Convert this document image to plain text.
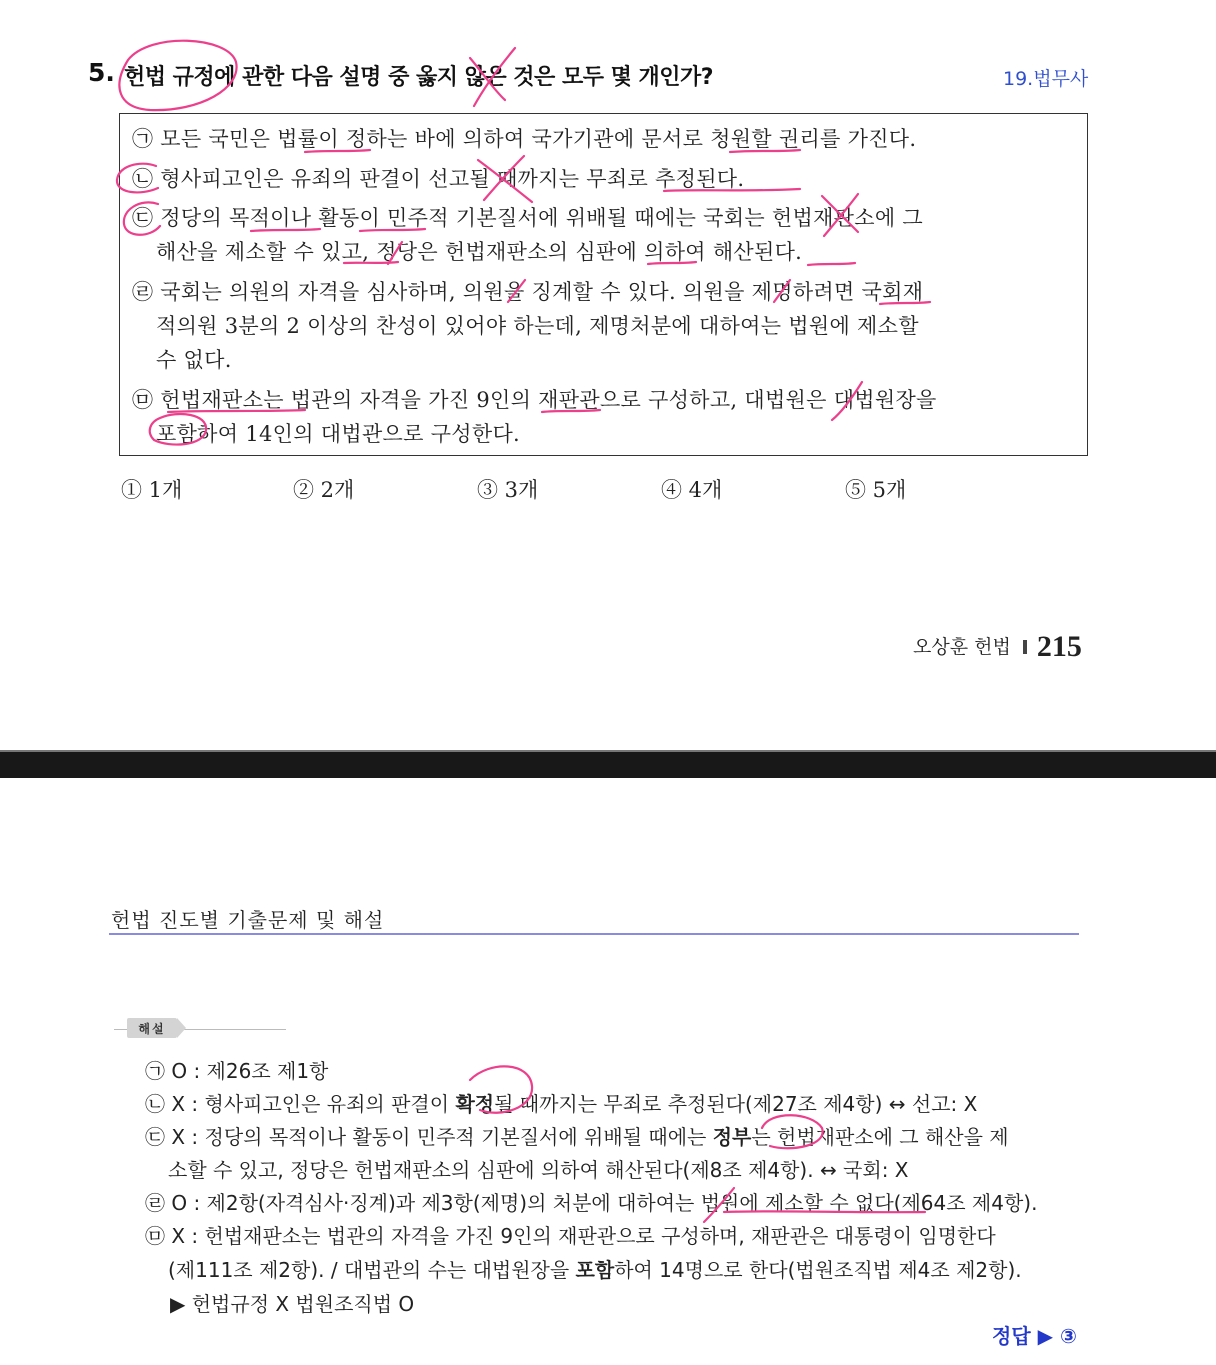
5. 헌법 규정에 관한 다음 설명 중 옳지 않은 것은 모두 몇 개인가?	19.법무사
㉠ 모든 국민은 법률이 정하는 바에 의하여 국가기관에 문서로 청원할 권리를 가진다.
㉡ 형사피고인은 유죄의 판결이 선고될 때까지는 무죄로 추정된다.
㉢ 정당의 목적이나 활동이 민주적 기본질서에 위배될 때에는 국회는 헌법재판소에 그
해산을 제소할 수 있고, 정당은 헌법재판소의 심판에 의하여 해산된다.
㉣ 국회는 의원의 자격을 심사하며, 의원을 징계할 수 있다. 의원을 제명하려면 국회재
적의원 3분의 2 이상의 찬성이 있어야 하는데, 제명처분에 대하여는 법원에 제소할
수 없다.
㉤ 헌법재판소는 법관의 자격을 가진 9인의 재판관으로 구성하고, 대법원은 대법원장을
포함하여 14인의 대법관으로 구성한다.
① 1개	② 2개	③ 3개	④ 4개	⑤ 5개
오상훈 헌법 215
헌법 진도별 기출문제 및 해설
해설
㉠ O : 제26조 제1항
㉡ X : 형사피고인은 유죄의 판결이 확정될 때까지는 무죄로 추정된다(제27조 제4항) ↔ 선고: X
㉢ X : 정당의 목적이나 활동이 민주적 기본질서에 위배될 때에는 정부는 헌법재판소에 그 해산을 제
소할 수 있고, 정당은 헌법재판소의 심판에 의하여 해산된다(제8조 제4항). ↔ 국회: X
㉣ O : 제2항(자격심사·징계)과 제3항(제명)의 처분에 대하여는 법원에 제소할 수 없다(제64조 제4항).
㉤ X : 헌법재판소는 법관의 자격을 가진 9인의 재판관으로 구성하며, 재판관은 대통령이 임명한다
(제111조 제2항). / 대법관의 수는 대법원장을 포함하여 14명으로 한다(법원조직법 제4조 제2항).
▶ 헌법규정 X 법원조직법 O
정답 ▶ ③
